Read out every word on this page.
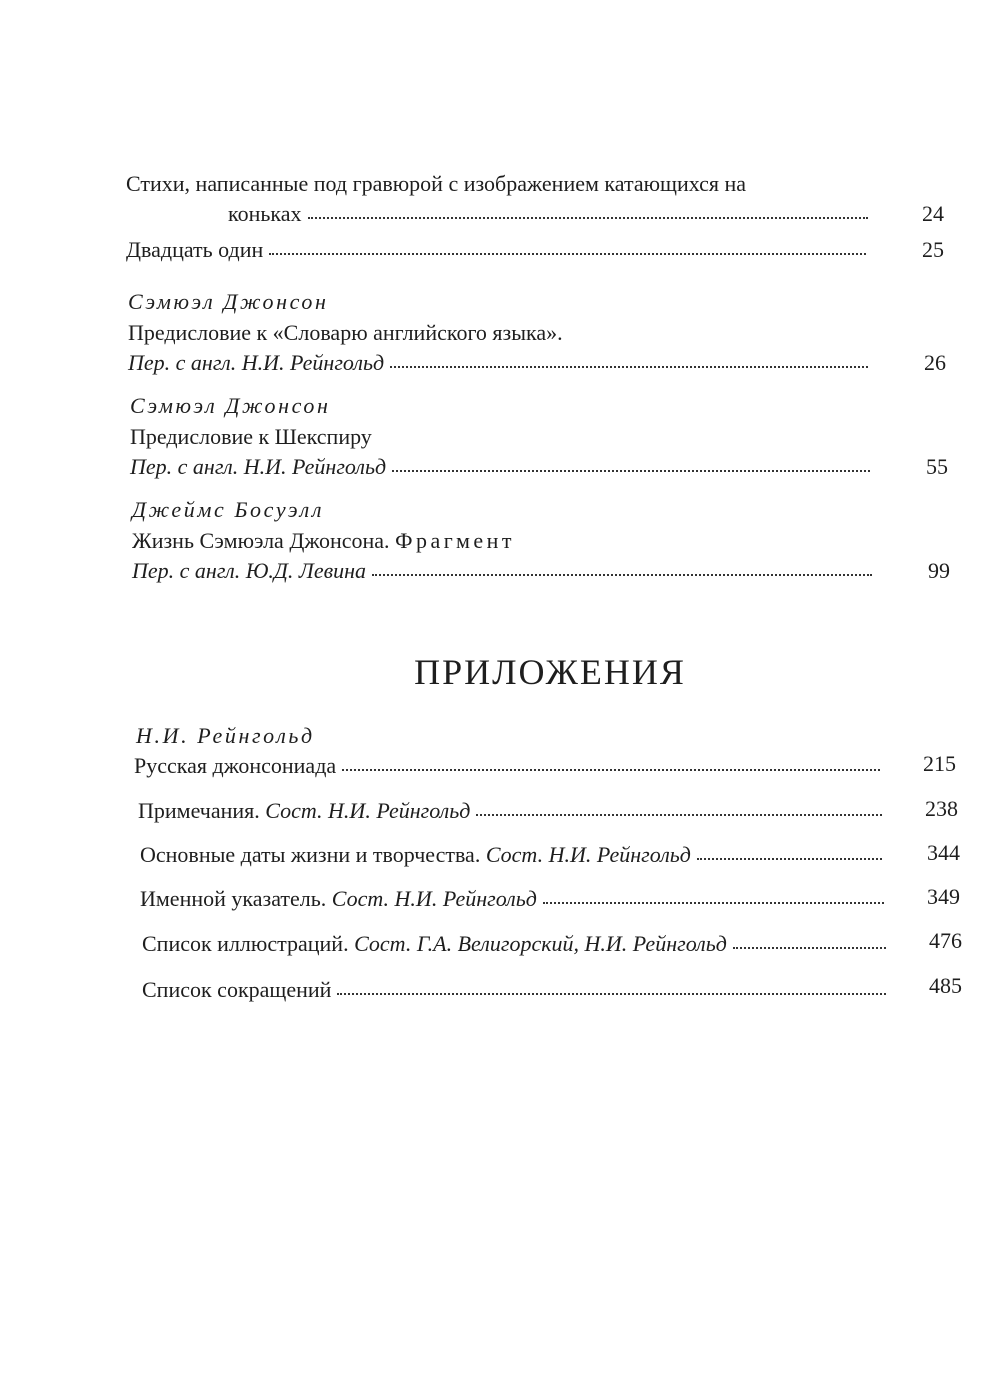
Стихи, написанные под гравюрой с изображением катающихся на
коньках	24
Двадцать один	25
Сэмюэл Джонсон
Предисловие к «Словарю английского языка».
Пер. с англ. Н.И. Рейнгольд	26
Сэмюэл Джонсон
Предисловие к Шекспиру
Пер. с англ. Н.И. Рейнгольд	55
Джеймс Босуэлл
Жизнь Сэмюэла Джонсона. Фрагмент
Пер. с англ. Ю.Д. Левина	99
ПРИЛОЖЕНИЯ
Н.И. Рейнгольд
Русская джонсониада	215
Примечания. Сост. Н.И. Рейнгольд	238
Основные даты жизни и творчества. Сост. Н.И. Рейнгольд	344
Именной указатель. Сост. Н.И. Рейнгольд	349
Список иллюстраций. Сост. Г.А. Велигорский, Н.И. Рейнгольд	476
Список сокращений	485
